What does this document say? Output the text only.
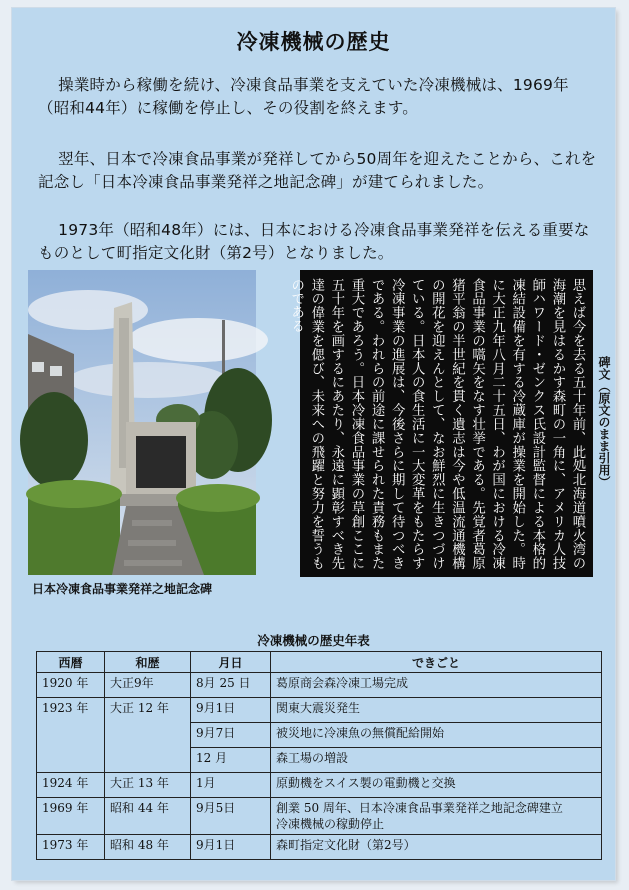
冷凍機械の歴史

操業時から稼働を続け、冷凍食品事業を支えていた冷凍機械は、1969年（昭和44年）に稼働を停止し、その役割を終えます。

翌年、日本で冷凍食品事業が発祥してから50周年を迎えたことから、これを記念し「日本冷凍食品事業発祥之地記念碑」が建てられました。

1973年（昭和48年）には、日本における冷凍食品事業発祥を伝える重要なものとして町指定文化財（第2号）となりました。

日本冷凍食品事業発祥之地記念碑

思えば今を去る五十年前、此処北海道噴火湾の海潮を見はるかす森町の一角に、アメリカ人技師ハワード・ゼンクス氏設計監督による本格的凍結設備を有する冷蔵庫が操業を開始した。時に大正九年八月二十五日、わが国における冷凍食品事業の嚆矢をなす壮挙である。先覚者葛原猪平翁の半世紀を貫く遺志は今や低温流通機構の開花を迎えんとして、なお鮮烈に生きつづけている。日本人の食生活に一大変革をもたらす冷凍事業の進展は、今後さらに期して待つべきである。われらの前途に課せられた責務もまた重大であろう。日本冷凍食品事業の草創ここに五十年を画するにあたり、永遠に顕彰すべき先達の偉業を偲び、未来への飛躍と努力を誓うものである
碑文（原文のまま引用）

冷凍機械の歴史年表

西暦	和歴	月日	できごと
1920 年	大正9年	8月 25 日	葛原商会森冷凍工場完成
1923 年	大正 12 年	9月1日	関東大震災発生
		9月7日	被災地に冷凍魚の無償配給開始
		12 月	森工場の増設
1924 年	大正 13 年	1月	原動機をスイス製の電動機と交換
1969 年	昭和 44 年	9月5日	創業 50 周年、日本冷凍食品事業発祥之地記念碑建立
冷凍機械の稼動停止

1973 年	昭和 48 年	9月1日	森町指定文化財（第2号）
